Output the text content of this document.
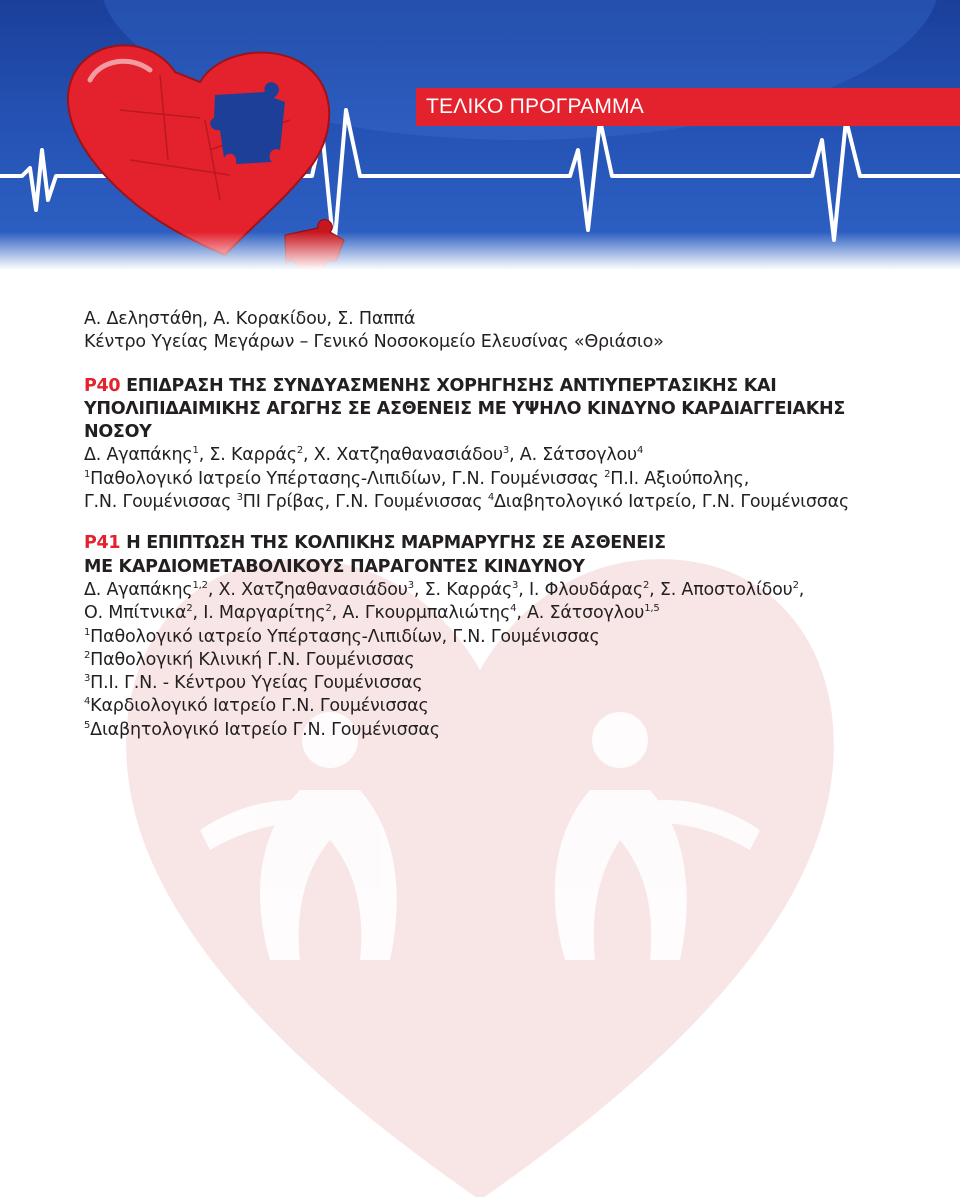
ΤΕΛΙΚΟ ΠΡΟΓΡΑΜΜΑ

Α. Δεληστάθη, Α. Κορακίδου, Σ. Παππά

Κέντρο Υγείας Μεγάρων – Γενικό Νοσοκομείο Ελευσίνας «Θριάσιο»

Ρ40 ΕΠΙΔΡΑΣΗ ΤΗΣ ΣΥΝΔΥΑΣΜΕΝΗΣ ΧΟΡΗΓΗΣΗΣ ΑΝΤΙΥΠΕΡΤΑΣΙΚΗΣ ΚΑΙ

ΥΠΟΛΙΠΙΔΑΙΜΙΚΗΣ ΑΓΩΓΗΣ ΣΕ ΑΣΘΕΝΕΙΣ ΜΕ ΥΨΗΛΟ ΚΙΝΔΥΝΟ ΚΑΡΔΙΑΓΓΕΙΑΚΗΣ

ΝΟΣΟΥ

Δ. Αγαπάκης$^1$, Σ. Καρράς$^2$, Χ. Χατζηαθανασιάδου$^3$, Α. Σάτσογλου$^4$

$^1$Παθολογικό Ιατρείο Υπέρτασης-Λιπιδίων, Γ.Ν. Γουμένισσας $^2$Π.Ι. Αξιούπολης,

Γ.Ν. Γουμένισσας $^3$ΠΙ Γρίβας, Γ.Ν. Γουμένισσας $^4$Διαβητολογικό Ιατρείο, Γ.Ν. Γουμένισσας

Ρ41 Η ΕΠΙΠΤΩΣΗ ΤΗΣ ΚΟΛΠΙΚΗΣ ΜΑΡΜΑΡΥΓΗΣ ΣΕ ΑΣΘΕΝΕΙΣ

ΜΕ ΚΑΡΔΙΟΜΕΤΑΒΟΛΙΚΟΥΣ ΠΑΡΑΓΟΝΤΕΣ ΚΙΝΔΥΝΟΥ

Δ. Αγαπάκης$^{1,2}$, Χ. Χατζηαθανασιάδου$^3$, Σ. Καρράς$^3$, Ι. Φλουδάρας$^2$, Σ. Αποστολίδου$^2$,

Ο. Μπίτνικα$^2$, Ι. Μαργαρίτης$^2$, Α. Γκουρμπαλιώτης$^4$, Α. Σάτσογλου$^{1,5}$

$^1$Παθολογικό ιατρείο Υπέρτασης-Λιπιδίων, Γ.Ν. Γουμένισσας

$^2$Παθολογική Κλινική Γ.Ν. Γουμένισσας

$^3$Π.Ι. Γ.Ν. - Κέντρου Υγείας Γουμένισσας

$^4$Καρδιολογικό Ιατρείο Γ.Ν. Γουμένισσας

$^5$Διαβητολογικό Ιατρείο Γ.Ν. Γουμένισσας
